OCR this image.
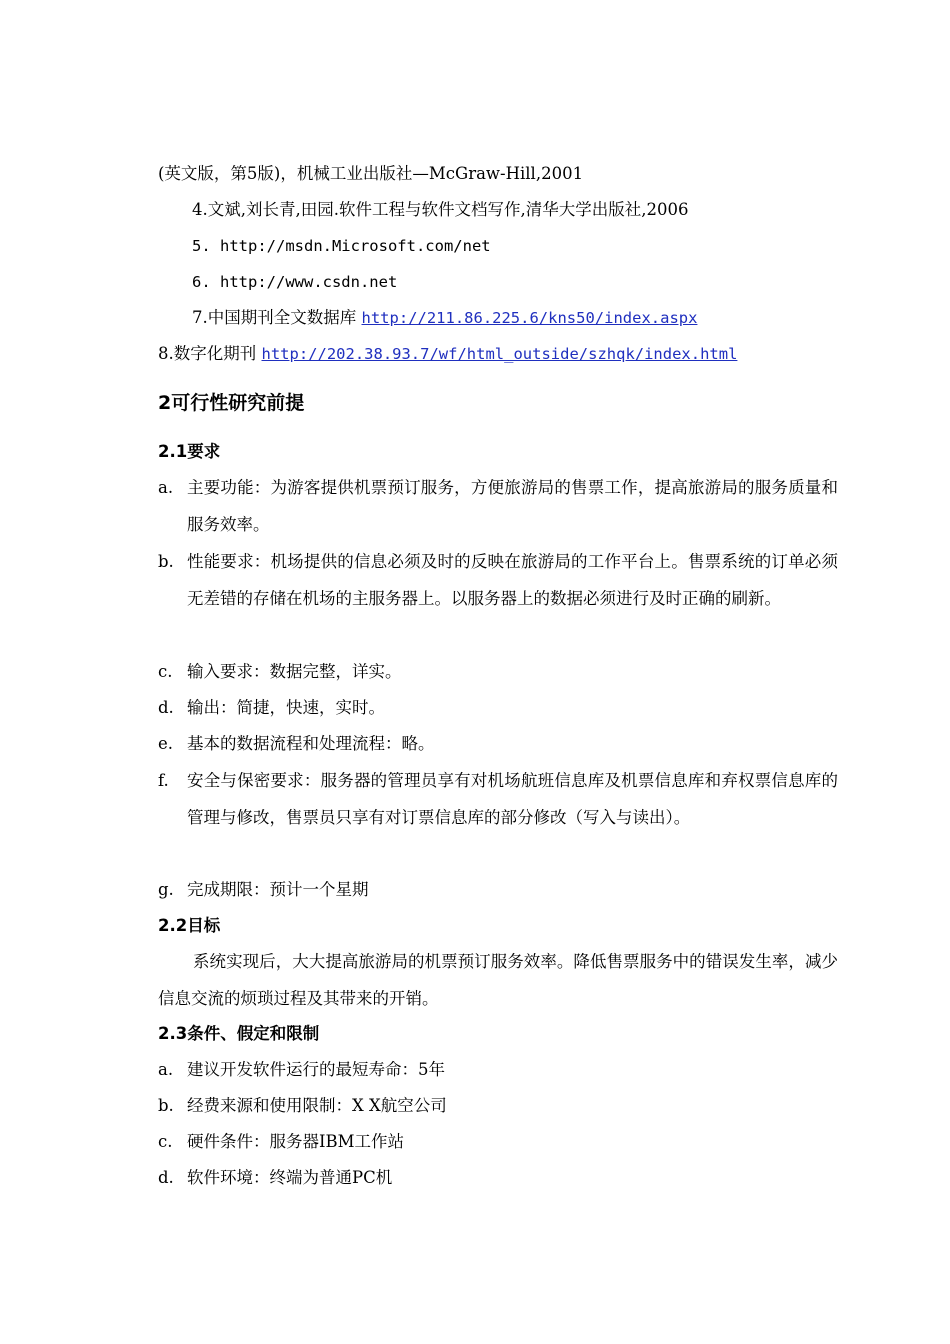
(英文版，第5版)，机械工业出版社—McGraw-Hill,2001
4.文斌,刘长青,田园.软件工程与软件文档写作,清华大学出版社,2006
5. http://msdn.Microsoft.com/net
6. http://www.csdn.net
7.中国期刊全文数据库 http://211.86.225.6/kns50/index.aspx
8.数字化期刊 http://202.38.93.7/wf/html_outside/szhqk/index.html
2可行性研究前提
2.1要求
a. 主要功能：为游客提供机票预订服务，方便旅游局的售票工作，提高旅游局的服务质量和服务效率。
b. 性能要求：机场提供的信息必须及时的反映在旅游局的工作平台上。售票系统的订单必须无差错的存储在机场的主服务器上。以服务器上的数据必须进行及时正确的刷新。
c. 输入要求：数据完整，详实。
d. 输出：简捷，快速，实时。
e. 基本的数据流程和处理流程：略。
f.	安全与保密要求：服务器的管理员享有对机场航班信息库及机票信息库和弃权票信息库的管理与修改，售票员只享有对订票信息库的部分修改（写入与读出）。
g. 完成期限：预计一个星期
2.2目标
系统实现后，大大提高旅游局的机票预订服务效率。降低售票服务中的错误发生率，减少信息交流的烦琐过程及其带来的开销。
2.3条件、假定和限制
a. 建议开发软件运行的最短寿命：5年
b. 经费来源和使用限制：X X航空公司
c. 硬件条件：服务器IBM工作站
d. 软件环境：终端为普通PC机
